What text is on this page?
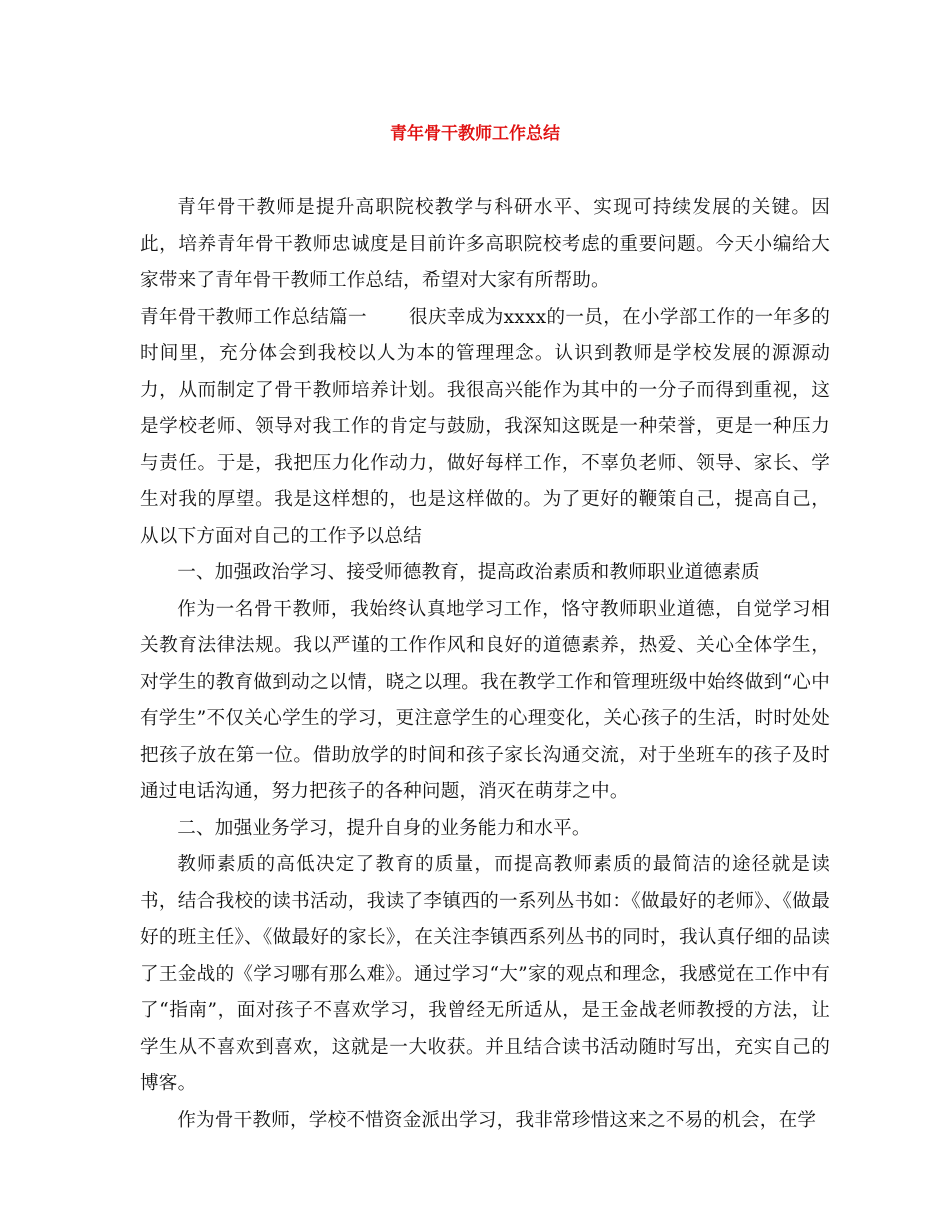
青年骨干教师工作总结

青年骨干教师是提升高职院校教学与科研水平、实现可持续发展的关键。因此，培养青年骨干教师忠诚度是目前许多高职院校考虑的重要问题。今天小编给大家带来了青年骨干教师工作总结，希望对大家有所帮助。

青年骨干教师工作总结篇一 很庆幸成为xxxx的一员，在小学部工作的一年多的时间里，充分体会到我校以人为本的管理理念。认识到教师是学校发展的源源动力，从而制定了骨干教师培养计划。我很高兴能作为其中的一分子而得到重视，这是学校老师、领导对我工作的肯定与鼓励，我深知这既是一种荣誉，更是一种压力与责任。于是，我把压力化作动力，做好每样工作，不辜负老师、领导、家长、学生对我的厚望。我是这样想的，也是这样做的。为了更好的鞭策自己，提高自己，从以下方面对自己的工作予以总结

一、加强政治学习、接受师德教育，提高政治素质和教师职业道德素质

作为一名骨干教师，我始终认真地学习工作，恪守教师职业道德，自觉学习相关教育法律法规。我以严谨的工作作风和良好的道德素养，热爱、关心全体学生，对学生的教育做到动之以情，晓之以理。我在教学工作和管理班级中始终做到“心中有学生”不仅关心学生的学习，更注意学生的心理变化，关心孩子的生活，时时处处把孩子放在第一位。借助放学的时间和孩子家长沟通交流，对于坐班车的孩子及时通过电话沟通，努力把孩子的各种问题，消灭在萌芽之中。

二、加强业务学习，提升自身的业务能力和水平。

教师素质的高低决定了教育的质量，而提高教师素质的最简洁的途径就是读书，结合我校的读书活动，我读了李镇西的一系列丛书如：《做最好的老师》、《做最好的班主任》、《做最好的家长》，在关注李镇西系列丛书的同时，我认真仔细的品读了王金战的《学习哪有那么难》。通过学习“大”家的观点和理念，我感觉在工作中有了“指南”，面对孩子不喜欢学习，我曾经无所适从，是王金战老师教授的方法，让学生从不喜欢到喜欢，这就是一大收获。并且结合读书活动随时写出，充实自己的博客。

作为骨干教师，学校不惜资金派出学习，我非常珍惜这来之不易的机会，在学
